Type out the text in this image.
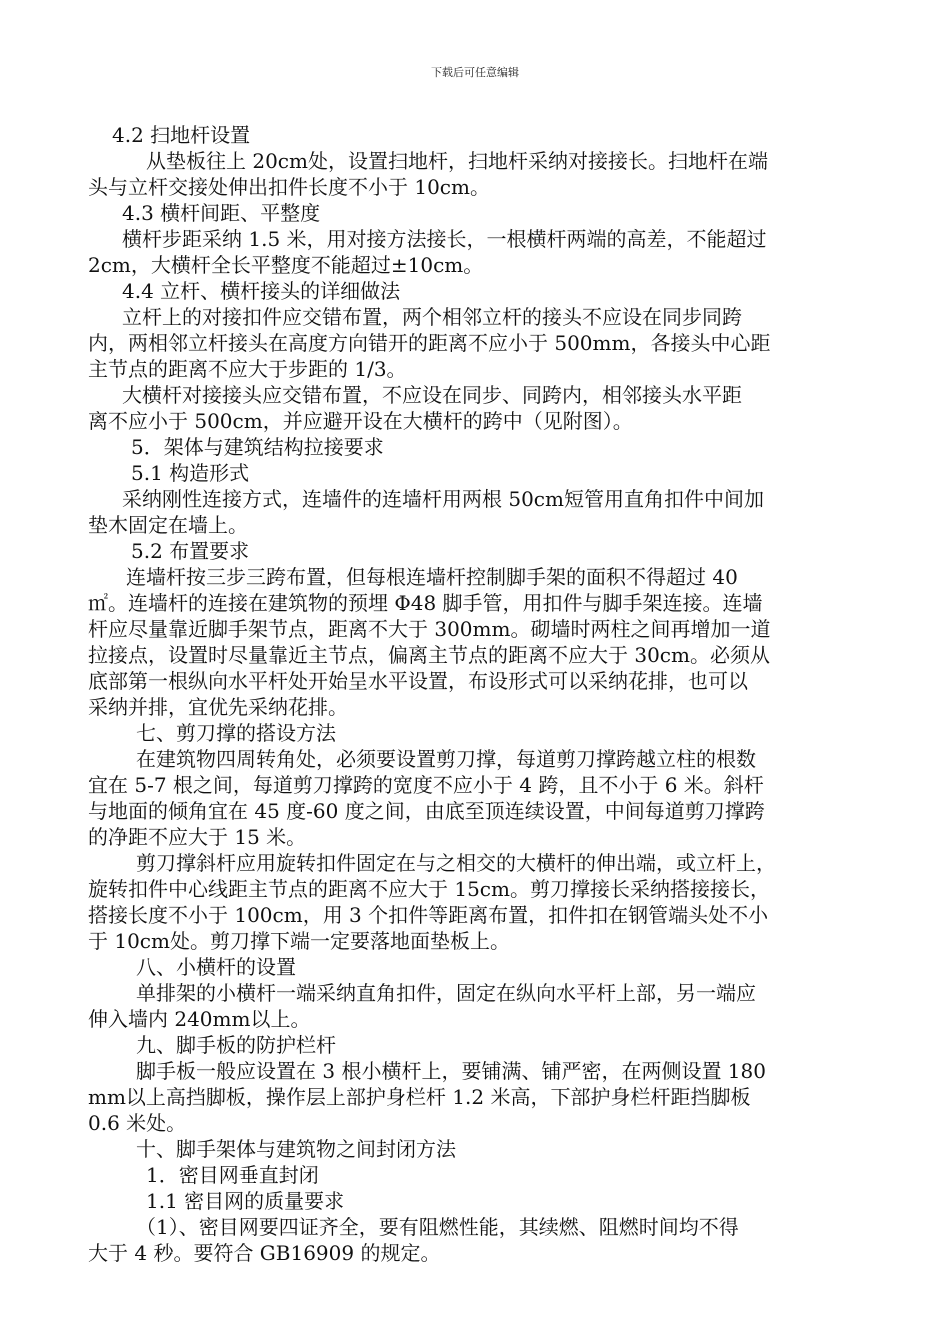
下载后可任意编辑
4.2 扫地杆设置
从垫板往上 20cm处，设置扫地杆，扫地杆采纳对接接长。扫地杆在端
头与立杆交接处伸出扣件长度不小于 10cm。
4.3 横杆间距、平整度
横杆步距采纳 1.5 米，用对接方法接长，一根横杆两端的高差，不能超过
2cm，大横杆全长平整度不能超过±10cm。
4.4 立杆、横杆接头的详细做法
立杆上的对接扣件应交错布置，两个相邻立杆的接头不应设在同步同跨
内，两相邻立杆接头在高度方向错开的距离不应小于 500mm，各接头中心距
主节点的距离不应大于步距的 1/3。
大横杆对接接头应交错布置，不应设在同步、同跨内，相邻接头水平距
离不应小于 500cm，并应避开设在大横杆的跨中（见附图）。
5．架体与建筑结构拉接要求
5.1 构造形式
采纳刚性连接方式，连墙件的连墙杆用两根 50cm短管用直角扣件中间加
垫木固定在墙上。
5.2 布置要求
连墙杆按三步三跨布置，但每根连墙杆控制脚手架的面积不得超过 40
㎡。连墙杆的连接在建筑物的预埋 Φ48 脚手管，用扣件与脚手架连接。连墙
杆应尽量靠近脚手架节点，距离不大于 300mm。砌墙时两柱之间再增加一道
拉接点，设置时尽量靠近主节点，偏离主节点的距离不应大于 30cm。必须从
底部第一根纵向水平杆处开始呈水平设置，布设形式可以采纳花排，也可以
采纳并排，宜优先采纳花排。
七、剪刀撑的搭设方法
在建筑物四周转角处，必须要设置剪刀撑，每道剪刀撑跨越立柱的根数
宜在 5-7 根之间，每道剪刀撑跨的宽度不应小于 4 跨，且不小于 6 米。斜杆
与地面的倾角宜在 45 度-60 度之间，由底至顶连续设置，中间每道剪刀撑跨
的净距不应大于 15 米。
剪刀撑斜杆应用旋转扣件固定在与之相交的大横杆的伸出端，或立杆上，
旋转扣件中心线距主节点的距离不应大于 15cm。剪刀撑接长采纳搭接接长，
搭接长度不小于 100cm，用 3 个扣件等距离布置，扣件扣在钢管端头处不小
于 10cm处。剪刀撑下端一定要落地面垫板上。
八、小横杆的设置
单排架的小横杆一端采纳直角扣件，固定在纵向水平杆上部，另一端应
伸入墙内 240mm以上。
九、脚手板的防护栏杆
脚手板一般应设置在 3 根小横杆上，要铺满、铺严密，在两侧设置 180
mm以上高挡脚板，操作层上部护身栏杆 1.2 米高，下部护身栏杆距挡脚板
0.6 米处。
十、脚手架体与建筑物之间封闭方法
1．密目网垂直封闭
1.1 密目网的质量要求
（1）、密目网要四证齐全，要有阻燃性能，其续燃、阻燃时间均不得
大于 4 秒。要符合 GB16909 的规定。
